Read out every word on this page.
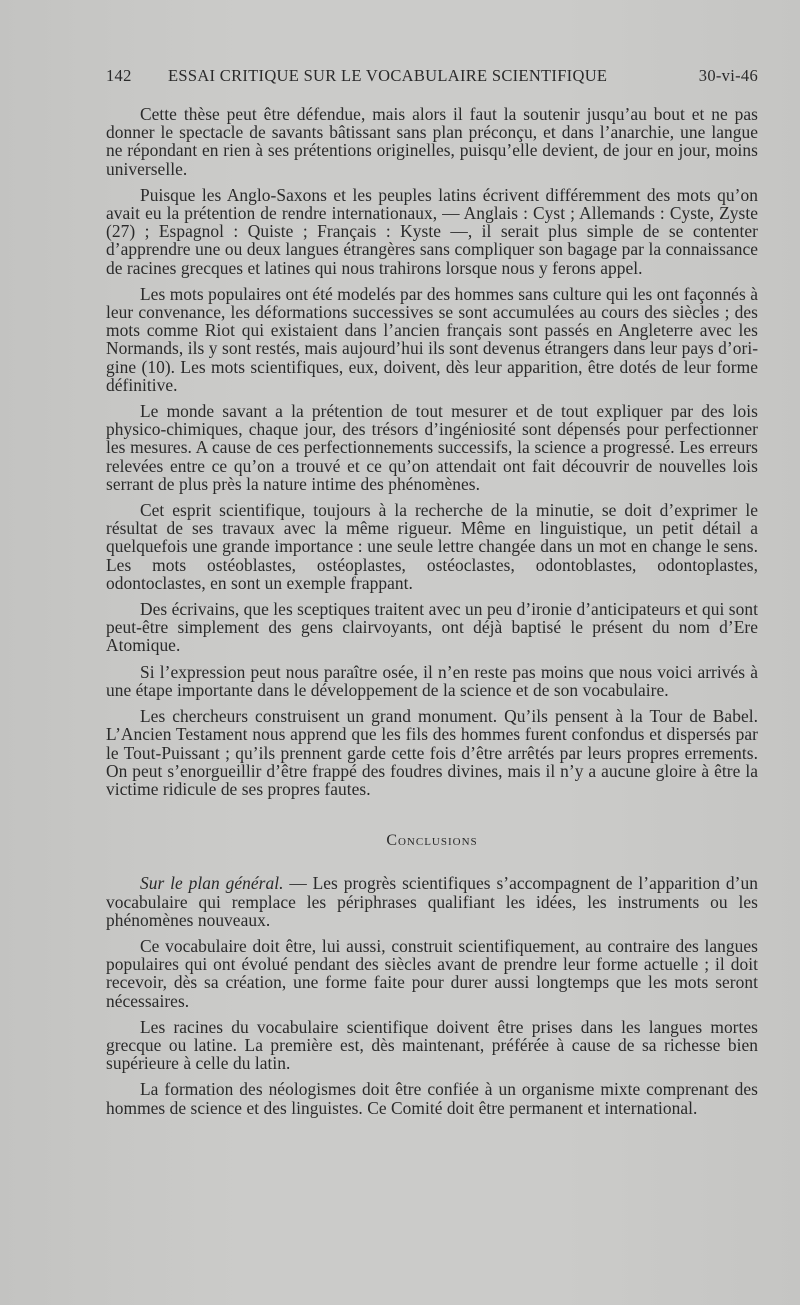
142	ESSAI CRITIQUE SUR LE VOCABULAIRE SCIENTIFIQUE	30-vi-46

Cette thèse peut être défendue, mais alors il faut la soutenir jusqu’au bout et ne pas donner le spectacle de savants bâtissant sans plan préconçu, et dans l’anarchie, une langue ne répondant en rien à ses prétentions originelles, puisqu’elle devient, de jour en jour, moins universelle.

Puisque les Anglo-Saxons et les peuples latins écrivent différemment des mots qu’on avait eu la prétention de rendre internationaux, — Anglais : Cyst ; Allemands : Cyste, Zyste (27) ; Espagnol : Quiste ; Français : Kyste —, il serait plus simple de se contenter d’apprendre une ou deux langues étrangères sans compliquer son bagage par la connaissance de racines grecques et latines qui nous trahirons lorsque nous y ferons appel.

Les mots populaires ont été modelés par des hommes sans culture qui les ont façonnés à leur convenance, les déformations successives se sont accumulées au cours des siècles ; des mots comme Riot qui existaient dans l’ancien français sont passés en Angleterre avec les Normands, ils y sont restés, mais aujourd’hui ils sont devenus étrangers dans leur pays d’origine (10). Les mots scientifiques, eux, doivent, dès leur apparition, être dotés de leur forme définitive.

Le monde savant a la prétention de tout mesurer et de tout expliquer par des lois physico-chimiques, chaque jour, des trésors d’ingéniosité sont dépensés pour perfectionner les mesures. A cause de ces perfectionnements successifs, la science a progressé. Les erreurs relevées entre ce qu’on a trouvé et ce qu’on attendait ont fait découvrir de nouvelles lois serrant de plus près la nature intime des phénomènes.

Cet esprit scientifique, toujours à la recherche de la minutie, se doit d’exprimer le résultat de ses travaux avec la même rigueur. Même en linguistique, un petit détail a quelquefois une grande importance : une seule lettre changée dans un mot en change le sens. Les mots ostéoblastes, ostéoplastes, ostéoclastes, odontoblastes, odontoplastes, odontoclastes, en sont un exemple frappant.

Des écrivains, que les sceptiques traitent avec un peu d’ironie d’anticipateurs et qui sont peut-être simplement des gens clairvoyants, ont déjà baptisé le présent du nom d’Ere Atomique.

Si l’expression peut nous paraître osée, il n’en reste pas moins que nous voici arrivés à une étape importante dans le développement de la science et de son vocabulaire.

Les chercheurs construisent un grand monument. Qu’ils pensent à la Tour de Babel. L’Ancien Testament nous apprend que les fils des hommes furent confondus et dispersés par le Tout-Puissant ; qu’ils prennent garde cette fois d’être arrêtés par leurs propres errements. On peut s’enorgueillir d’être frappé des foudres divines, mais il n’y a aucune gloire à être la victime ridicule de ses propres fautes.

Conclusions

Sur le plan général. — Les progrès scientifiques s’accompagnent de l’apparition d’un vocabulaire qui remplace les périphrases qualifiant les idées, les instruments ou les phénomènes nouveaux.

Ce vocabulaire doit être, lui aussi, construit scientifiquement, au contraire des langues populaires qui ont évolué pendant des siècles avant de prendre leur forme actuelle ; il doit recevoir, dès sa création, une forme faite pour durer aussi longtemps que les mots seront nécessaires.

Les racines du vocabulaire scientifique doivent être prises dans les langues mortes grecque ou latine. La première est, dès maintenant, préférée à cause de sa richesse bien supérieure à celle du latin.

La formation des néologismes doit être confiée à un organisme mixte comprenant des hommes de science et des linguistes. Ce Comité doit être permanent et international.
